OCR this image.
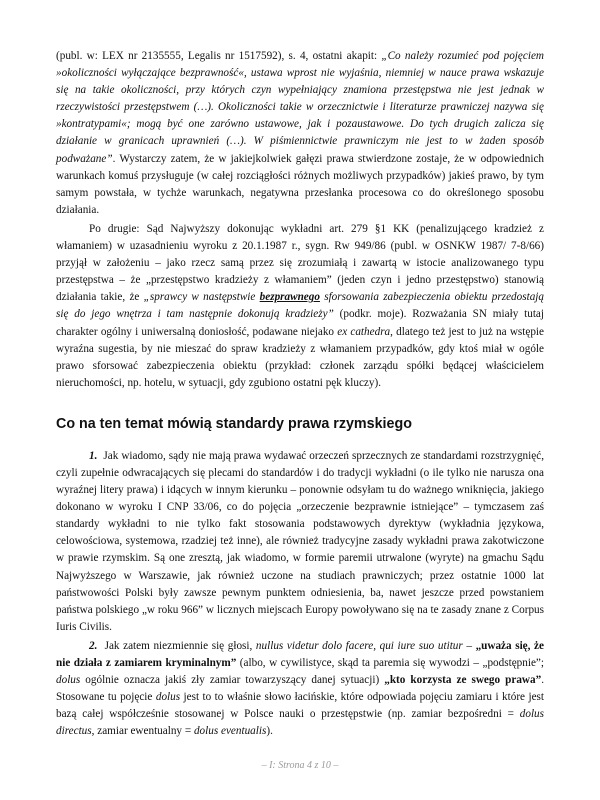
(publ. w: LEX nr 2135555, Legalis nr 1517592), s. 4, ostatni akapit: „Co należy rozumieć pod pojęciem »okoliczności wyłączające bezprawność«, ustawa wprost nie wyjaśnia, niemniej w nauce prawa wskazuje się na takie okoliczności, przy których czyn wypełniający znamiona przestępstwa nie jest jednak w rzeczywistości przestępstwem (…). Okoliczności takie w orzecznictwie i literaturze prawniczej nazywa się »kontratypami«; mogą być one zarówno ustawowe, jak i pozaustawowe. Do tych drugich zalicza się działanie w granicach uprawnień (…). W piśmiennictwie prawniczym nie jest to w żaden sposób podważane”. Wystarczy zatem, że w jakiejkolwiek gałęzi prawa stwierdzone zostaje, że w odpowiednich warunkach komuś przysługuje (w całej rozciągłości różnych możliwych przypadków) jakieś prawo, by tym samym powstała, w tychże warunkach, negatywna przesłanka procesowa co do określonego sposobu działania.

Po drugie: Sąd Najwyższy dokonując wykładni art. 279 §1 KK (penalizującego kradzież z włamaniem) w uzasadnieniu wyroku z 20.1.1987 r., sygn. Rw 949/86 (publ. w OSNKW 1987/ 7-8/66) przyjął w założeniu – jako rzecz samą przez się zrozumiałą i zawartą w istocie analizowanego typu przestępstwa – że „przestępstwo kradzieży z włamaniem” (jeden czyn i jedno przestępstwo) stanowią działania takie, że „sprawcy w następstwie bezprawnego sforsowania zabezpieczenia obiektu przedostają się do jego wnętrza i tam następnie dokonują kradzieży” (podkr. moje). Rozważania SN miały tutaj charakter ogólny i uniwersalną doniosłość, podawane niejako ex cathedra, dlatego też jest to już na wstępie wyraźna sugestia, by nie mieszać do spraw kradzieży z włamaniem przypadków, gdy ktoś miał w ogóle prawo sforsować zabezpieczenia obiektu (przykład: członek zarządu spółki będącej właścicielem nieruchomości, np. hotelu, w sytuacji, gdy zgubiono ostatni pęk kluczy).

Co na ten temat mówią standardy prawa rzymskiego

1. Jak wiadomo, sądy nie mają prawa wydawać orzeczeń sprzecznych ze standardami rozstrzygnięć, czyli zupełnie odwracających się plecami do standardów i do tradycji wykładni (o ile tylko nie narusza ona wyraźnej litery prawa) i idących w innym kierunku – ponownie odsyłam tu do ważnego wniknięcia, jakiego dokonano w wyroku I CNP 33/06, co do pojęcia „orzeczenie bezprawnie istniejące” – tymczasem zaś standardy wykładni to nie tylko fakt stosowania podstawowych dyrektyw (wykładnia językowa, celowościowa, systemowa, rzadziej też inne), ale również tradycyjne zasady wykładni prawa zakotwiczone w prawie rzymskim. Są one zresztą, jak wiadomo, w formie paremii utrwalone (wyryte) na gmachu Sądu Najwyższego w Warszawie, jak również uczone na studiach prawniczych; przez ostatnie 1000 lat państwowości Polski były zawsze pewnym punktem odniesienia, ba, nawet jeszcze przed powstaniem państwa polskiego „w roku 966” w licznych miejscach Europy powoływano się na te zasady znane z Corpus Iuris Civilis.

2. Jak zatem niezmiennie się głosi, nullus videtur dolo facere, qui iure suo utitur – „uważa się, że nie działa z zamiarem kryminalnym” (albo, w cywilistyce, skąd ta paremia się wywodzi – „podstępnie”; dolus ogólnie oznacza jakiś zły zamiar towarzyszący danej sytuacji) „kto korzysta ze swego prawa”. Stosowane tu pojęcie dolus jest to to właśnie słowo łacińskie, które odpowiada pojęciu zamiaru i które jest bazą całej współcześnie stosowanej w Polsce nauki o przestępstwie (np. zamiar bezpośredni = dolus directus, zamiar ewentualny = dolus eventualis).

– I: Strona 4 z 10 –
